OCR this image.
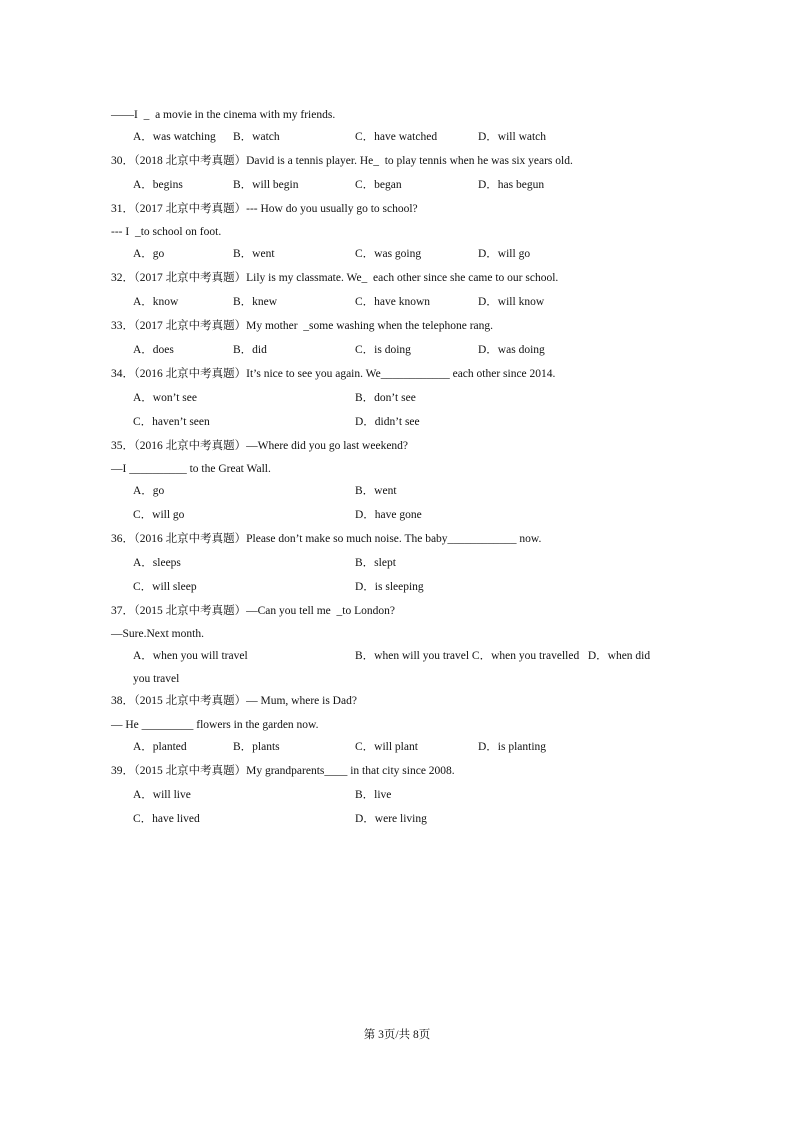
——I  _  a movie in the cinema with my friends.
A．was watching B．watch	C．have watched	D．will watch
30．（2018 北京中考真题）David is a tennis player. He_  to play tennis when he was six years old.
A．begins	B．will begin	C．began	D．has begun
31．（2017 北京中考真题）--- How do you usually go to school?
--- I  _to school on foot.
A．go	B．went	C．was going	D．will go
32．（2017 北京中考真题）Lily is my classmate. We_  each other since she came to our school.
A．know	B．knew	C．have known	D．will know
33．（2017 北京中考真题）My mother  _some washing when the telephone rang.
A．does	B．did	C．is doing	D．was doing
34．（2016 北京中考真题）It’s nice to see you again. We____________ each other since 2014.
A．won’t see	B．don’t see
C．haven’t seen	D．didn’t see
35．（2016 北京中考真题）—Where did you go last weekend?
—I __________ to the Great Wall.
A．go	B．went
C．will go	D．have gone
36．（2016 北京中考真题）Please don’t make so much noise. The baby____________ now.
A．sleeps	B．slept
C．will sleep	D．is sleeping
37．（2015 北京中考真题）—Can you tell me  _to London?
—Sure.Next month.
A．when you will travel	B．when will you travel C．when you travelled   D．when did
you travel
38．（2015 北京中考真题）— Mum, where is Dad?
— He _________ flowers in the garden now.
A．planted	B．plants	C．will plant	D．is planting
39．（2015 北京中考真题）My grandparents____ in that city since 2008.
A．will live	B．live
C．have lived	D．were living
第 3页/共 8页
